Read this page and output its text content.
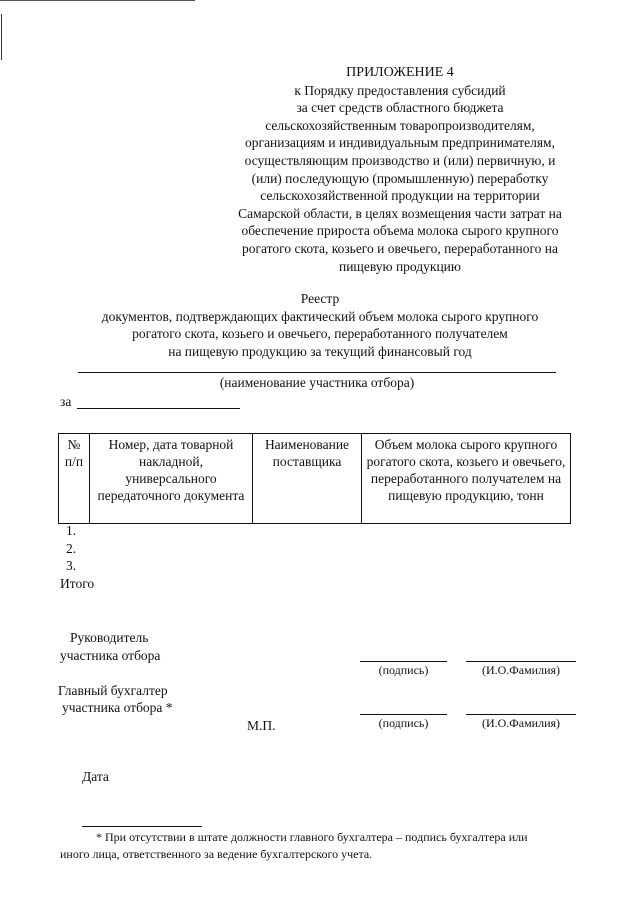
ПРИЛОЖЕНИЕ 4
к Порядку предоставления субсидий
за счет средств областного бюджета
сельскохозяйственным товаропроизводителям,
организациям и индивидуальным предпринимателям,
осуществляющим производство и (или) первичную, и
(или) последующую (промышленную) переработку
сельскохозяйственной продукции на территории
Самарской области, в целях возмещения части затрат на
обеспечение прироста объема молока сырого крупного
рогатого скота, козьего и овечьего, переработанного на
пищевую продукцию
Реестр
документов, подтверждающих фактический объем молока сырого крупного
рогатого скота, козьего и овечьего, переработанного получателем
на пищевую продукцию за текущий финансовый год
(наименование участника отбора)
за
№ п/п	Номер, дата товарной накладной, универсального передаточного документа	Наименование поставщика	Объем молока сырого крупного рогатого скота, козьего и овечьего, переработанного получателем на пищевую продукцию, тонн
1.
2.
3.
Итого
Руководитель
участника отбора
(подпись)	(И.О.Фамилия)
Главный бухгалтер
участника отбора *
М.П.	(подпись)	(И.О.Фамилия)
Дата
* При отсутствии в штате должности главного бухгалтера – подпись бухгалтера или
иного лица, ответственного за ведение бухгалтерского учета.
